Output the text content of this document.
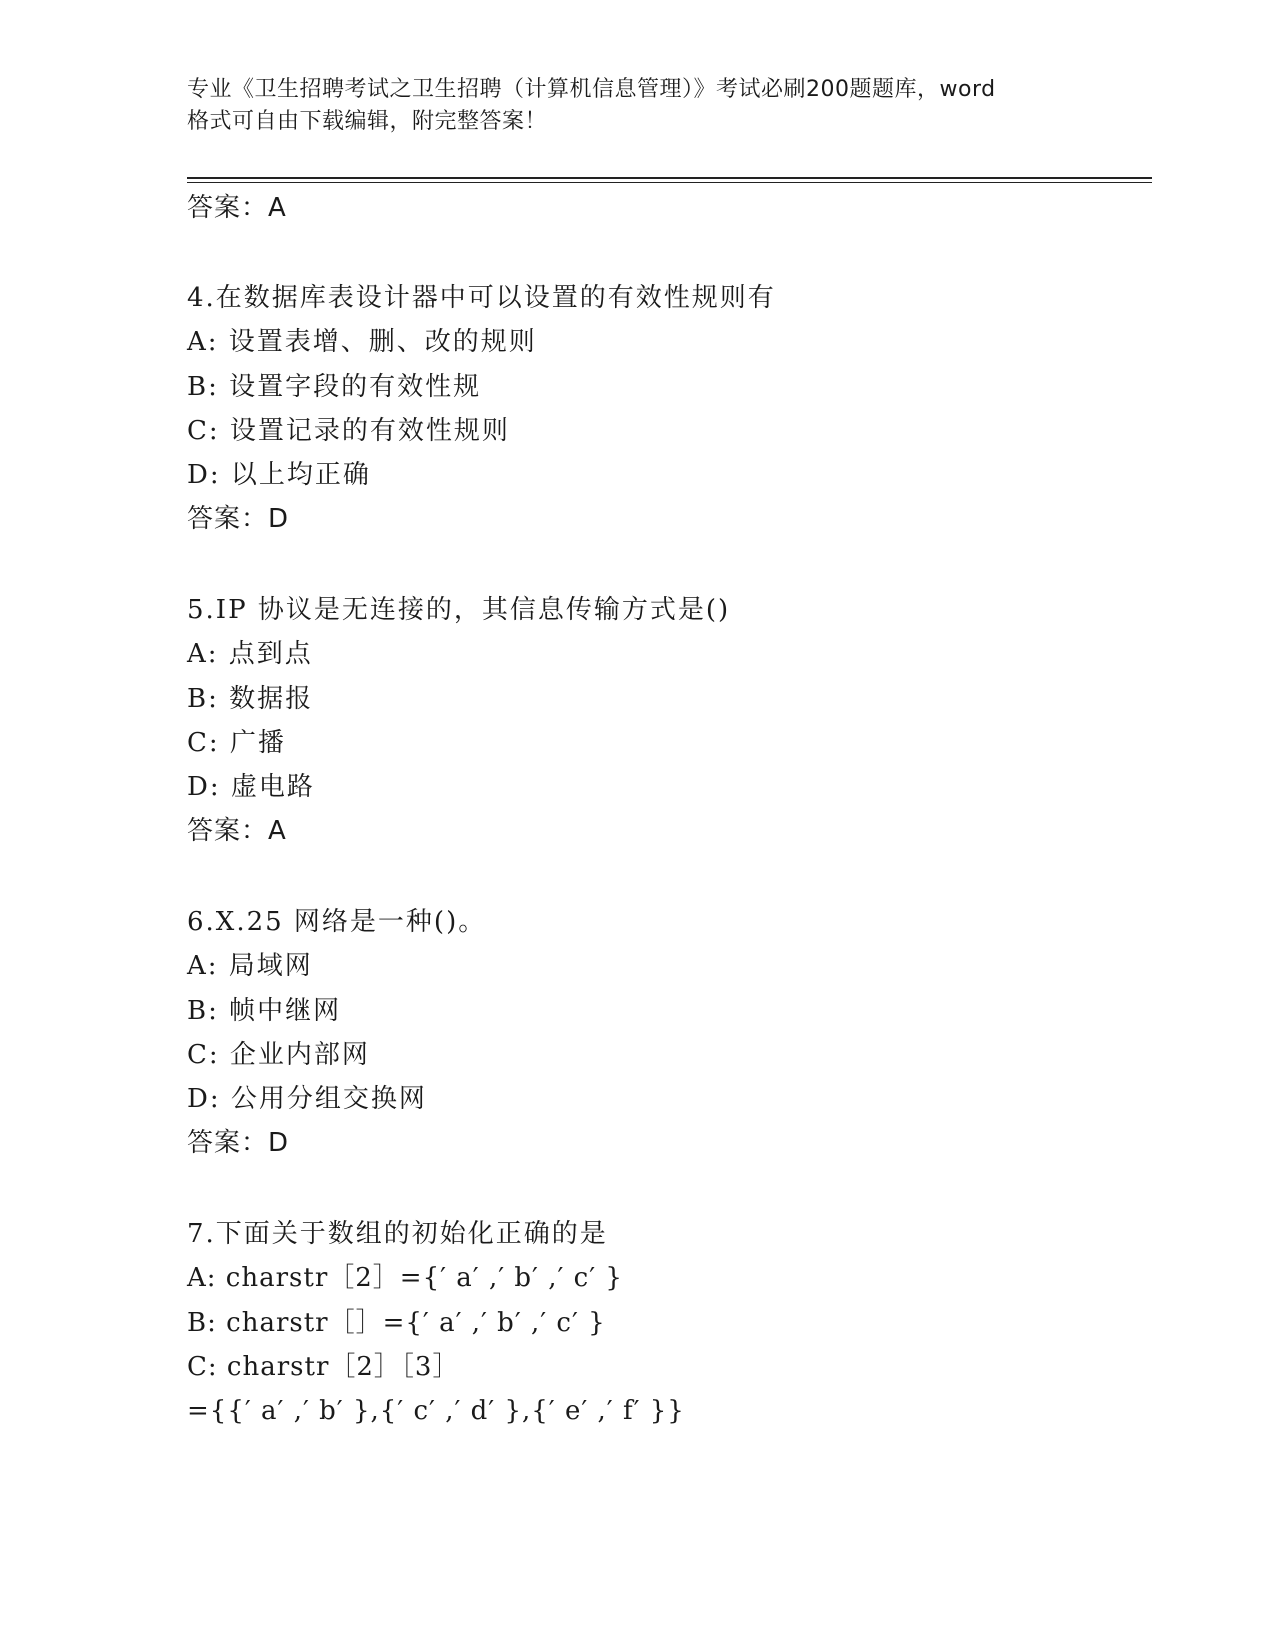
专业《卫生招聘考试之卫生招聘（计算机信息管理）》考试必刷200题题库，word
格式可自由下载编辑，附完整答案！
答案：A
4.在数据库表设计器中可以设置的有效性规则有
A: 设置表增、删、改的规则
B: 设置字段的有效性规
C: 设置记录的有效性规则
D: 以上均正确
答案：D
5.IP 协议是无连接的，其信息传输方式是()
A: 点到点
B: 数据报
C: 广播
D: 虚电路
答案：A
6.X.25 网络是一种()。
A: 局域网
B: 帧中继网
C: 企业内部网
D: 公用分组交换网
答案：D
7.下面关于数组的初始化正确的是
A: charstr［2］={′ a′ ,′ b′ ,′ c′ }
B: charstr［］={′ a′ ,′ b′ ,′ c′ }
C: charstr［2］［3］
={{′ a′ ,′ b′ },{′ c′ ,′ d′ },{′ e′ ,′ f′ }}
